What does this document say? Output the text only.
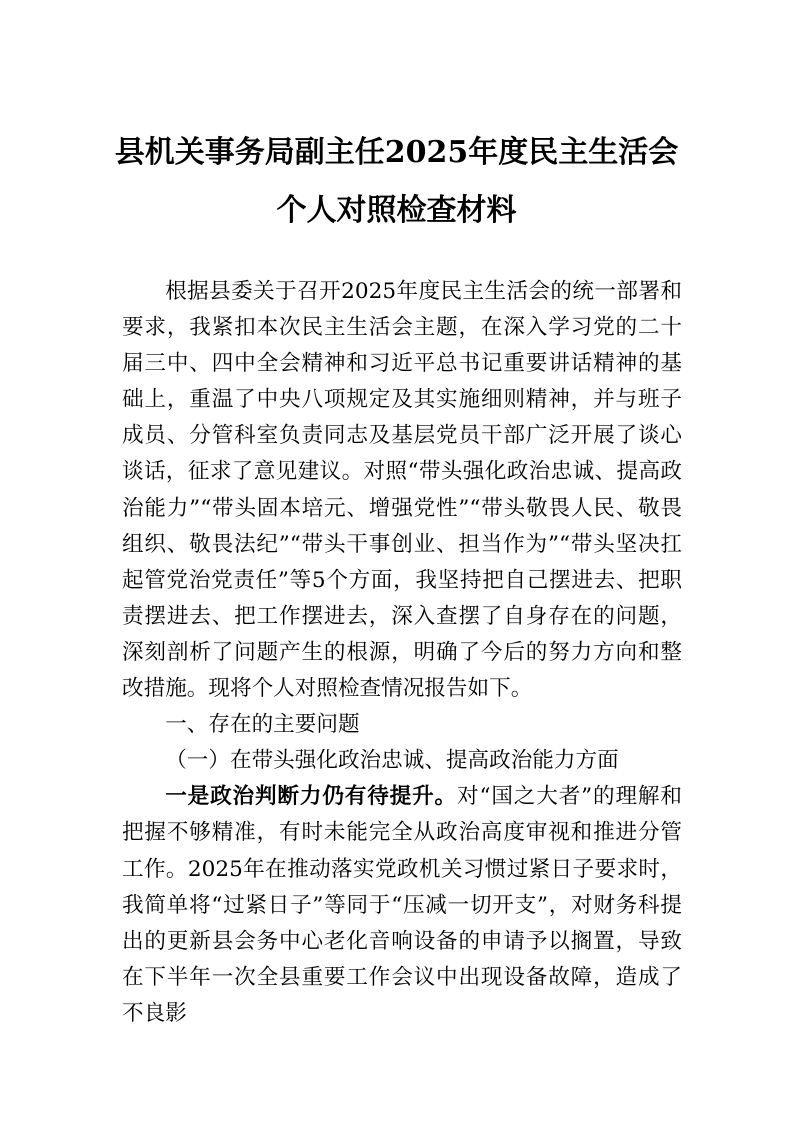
县机关事务局副主任2025年度民主生活会
个人对照检查材料

根据县委关于召开2025年度民主生活会的统一部署和要求，我紧扣本次民主生活会主题，在深入学习党的二十届三中、四中全会精神和习近平总书记重要讲话精神的基础上，重温了中央八项规定及其实施细则精神，并与班子成员、分管科室负责同志及基层党员干部广泛开展了谈心谈话，征求了意见建议。对照“带头强化政治忠诚、提高政治能力”“带头固本培元、增强党性”“带头敬畏人民、敬畏组织、敬畏法纪”“带头干事创业、担当作为”“带头坚决扛起管党治党责任”等5个方面，我坚持把自己摆进去、把职责摆进去、把工作摆进去，深入查摆了自身存在的问题，深刻剖析了问题产生的根源，明确了今后的努力方向和整改措施。现将个人对照检查情况报告如下。

一、存在的主要问题

（一）在带头强化政治忠诚、提高政治能力方面

一是政治判断力仍有待提升。对“国之大者”的理解和把握不够精准，有时未能完全从政治高度审视和推进分管工作。2025年在推动落实党政机关习惯过紧日子要求时，我简单将“过紧日子”等同于“压减一切开支”，对财务科提出的更新县会务中心老化音响设备的申请予以搁置，导致在下半年一次全县重要工作会议中出现设备故障，造成了不良影
